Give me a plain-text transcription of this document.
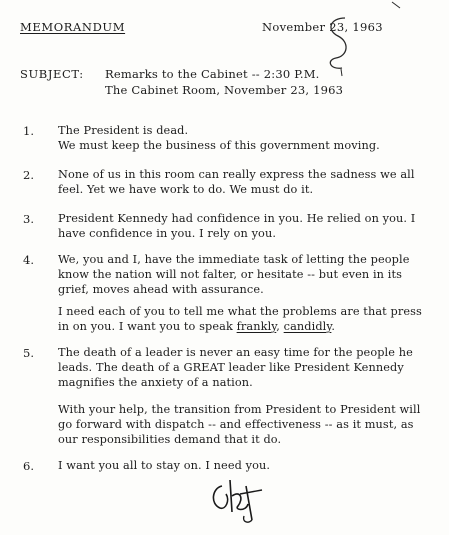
MEMORANDUM	November 23, 1963
SUBJECT: Remarks to the Cabinet -- 2:30 P.M.
The Cabinet Room, November 23, 1963
1. The President is dead.
We must keep the business of this government moving.
2. None of us in this room can really express the sadness we all feel. Yet we have work to do. We must do it.
3. President Kennedy had confidence in you. He relied on you. I have confidence in you. I rely on you.
4. We, you and I, have the immediate task of letting the people know the nation will not falter, or hesitate -- but even in its grief, moves ahead with assurance.
I need each of you to tell me what the problems are that press in on you. I want you to speak frankly, candidly.
5. The death of a leader is never an easy time for the people he leads. The death of a GREAT leader like President Kennedy magnifies the anxiety of a nation.
With your help, the transition from President to President will go forward with dispatch -- and effectiveness -- as it must, as our responsibilities demand that it do.
6. I want you all to stay on. I need you.
